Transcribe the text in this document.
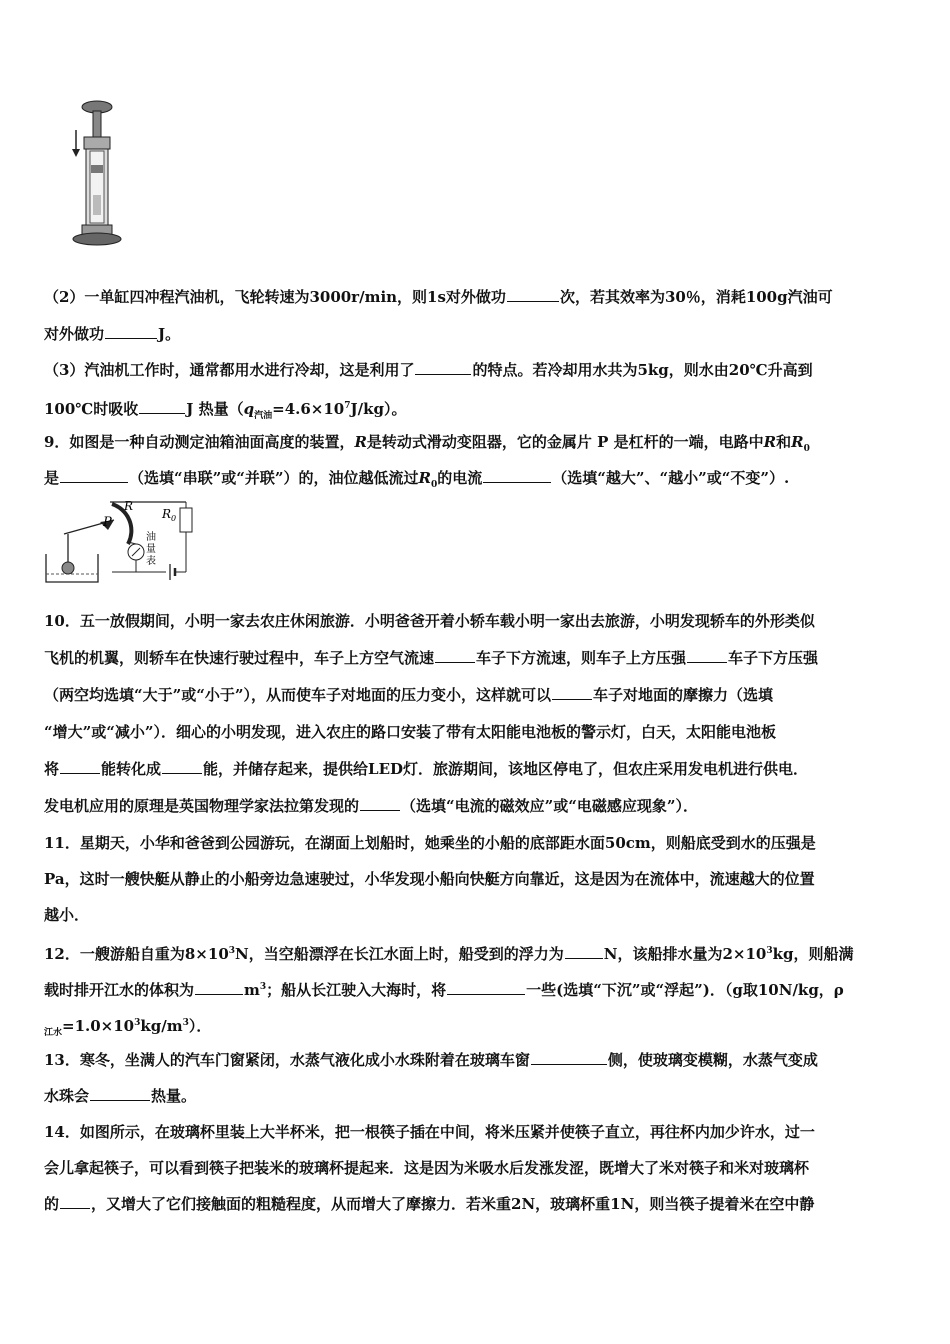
（2）一单缸四冲程汽油机，飞轮转速为3000r/min，则1s对外做功	次，若其效率为30％，消耗100g汽油可
对外做功	J。
（3）汽油机工作时，通常都用水进行冷却，这是利用了	的特点。若冷却用水共为5kg，则水由20℃升高到
100℃时吸收	J 热量$(q_{汽油}=4.6\times 10^7J/kg)$。
9．如图是一种自动测定油箱油面高度的装置，R是转动式滑动变阻器，它的金属片 P 是杠杆的一端，电路中R和$R_0$
是	（选填“串联”或“并联”）的，油位越低流过$R_0$的电流	（选填“越大”、“越小”或“不变”）.
P
R
$R_0$
油
量
表
10．五一放假期间，小明一家去农庄休闲旅游．小明爸爸开着小轿车载小明一家出去旅游，小明发现轿车的外形类似
飞机的机翼，则轿车在快速行驶过程中，车子上方空气流速	车子下方流速，则车子上方压强	车子下方压强
（两空均选填“大于”或“小于”），从而使车子对地面的压力变小，这样就可以	车子对地面的摩擦力（选填
“增大”或“减小”）．细心的小明发现，进入农庄的路口安装了带有太阳能电池板的警示灯，白天，太阳能电池板
将	能转化成	能，并储存起来，提供给LED灯．旅游期间，该地区停电了，但农庄采用发电机进行供电．
发电机应用的原理是英国物理学家法拉第发现的	（选填“电流的磁效应”或“电磁感应现象”）．
11．星期天，小华和爸爸到公园游玩，在湖面上划船时，她乘坐的小船的底部距水面50cm，则船底受到水的压强是
Pa，这时一艘快艇从静止的小船旁边急速驶过，小华发现小船向快艇方向靠近，这是因为在流体中，流速越大的位置
越小．
12．一艘游船自重为$8\times 10^3N$，当空船漂浮在长江水面上时，船受到的浮力为	N，该船排水量为$2\times 10^3kg$，则船满
载时排开江水的体积为	$m^3$；船从长江驶入大海时，将	一些(选填“下沉”或“浮起”)．（g取10N/kg，ρ
$_{江水}=1.0\times 10^3kg/m^3$）．
13．寒冬，坐满人的汽车门窗紧闭，水蒸气液化成小水珠附着在玻璃车窗	侧，使玻璃变模糊，水蒸气变成
水珠会	热量。
14．如图所示，在玻璃杯里装上大半杯米，把一根筷子插在中间，将米压紧并使筷子直立，再往杯内加少许水，过一
会儿拿起筷子，可以看到筷子把装米的玻璃杯提起来．这是因为米吸水后发涨发涩，既增大了米对筷子和米对玻璃杯
的 ，又增大了它们接触面的粗糙程度，从而增大了摩擦力．若米重2N，玻璃杯重1N，则当筷子提着米在空中静
